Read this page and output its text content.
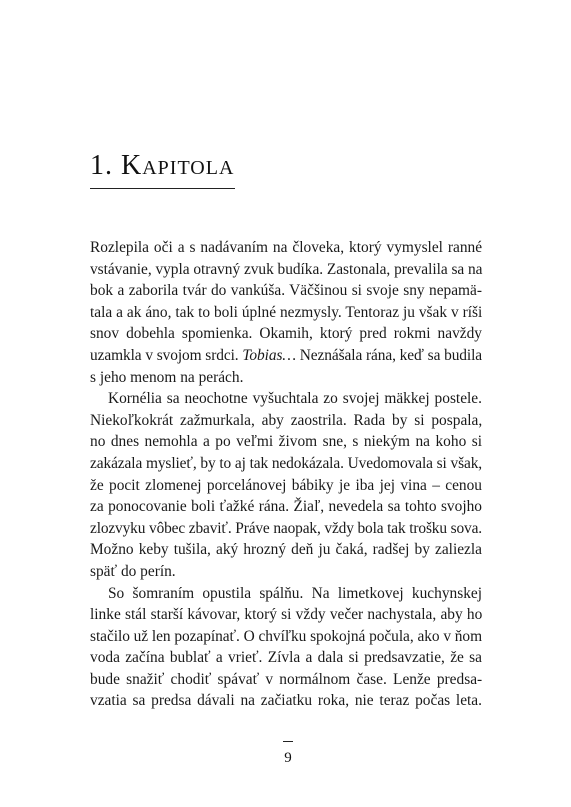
1. Kapitola
Rozlepila oči a s nadávaním na človeka, ktorý vymyslel ranné
vstávanie, vypla otravný zvuk budíka. Zastonala, prevalila sa na
bok a zaborila tvár do vankúša. Väčšinou si svoje sny nepamä-
tala a ak áno, tak to boli úplné nezmysly. Tentoraz ju však v ríši
snov dobehla spomienka. Okamih, ktorý pred rokmi navždy
uzamkla v svojom srdci. Tobias… Neznášala rána, keď sa budila
s jeho menom na perách.
Kornélia sa neochotne vyšuchtala zo svojej mäkkej postele.
Niekoľkokrát zažmurkala, aby zaostrila. Rada by si pospala,
no dnes nemohla a po veľmi živom sne, s niekým na koho si
zakázala myslieť, by to aj tak nedokázala. Uvedomovala si však,
že pocit zlomenej porcelánovej bábiky je iba jej vina – cenou
za ponocovanie boli ťažké rána. Žiaľ, nevedela sa tohto svojho
zlozvyku vôbec zbaviť. Práve naopak, vždy bola tak trošku sova.
Možno keby tušila, aký hrozný deň ju čaká, radšej by zaliezla
späť do perín.
So šomraním opustila spálňu. Na limetkovej kuchynskej
linke stál starší kávovar, ktorý si vždy večer nachystala, aby ho
stačilo už len pozapínať. O chvíľku spokojná počula, ako v ňom
voda začína bublať a vrieť. Zívla a dala si predsavzatie, že sa
bude snažiť chodiť spávať v normálnom čase. Lenže predsa-
vzatia sa predsa dávali na začiatku roka, nie teraz počas leta.
9
